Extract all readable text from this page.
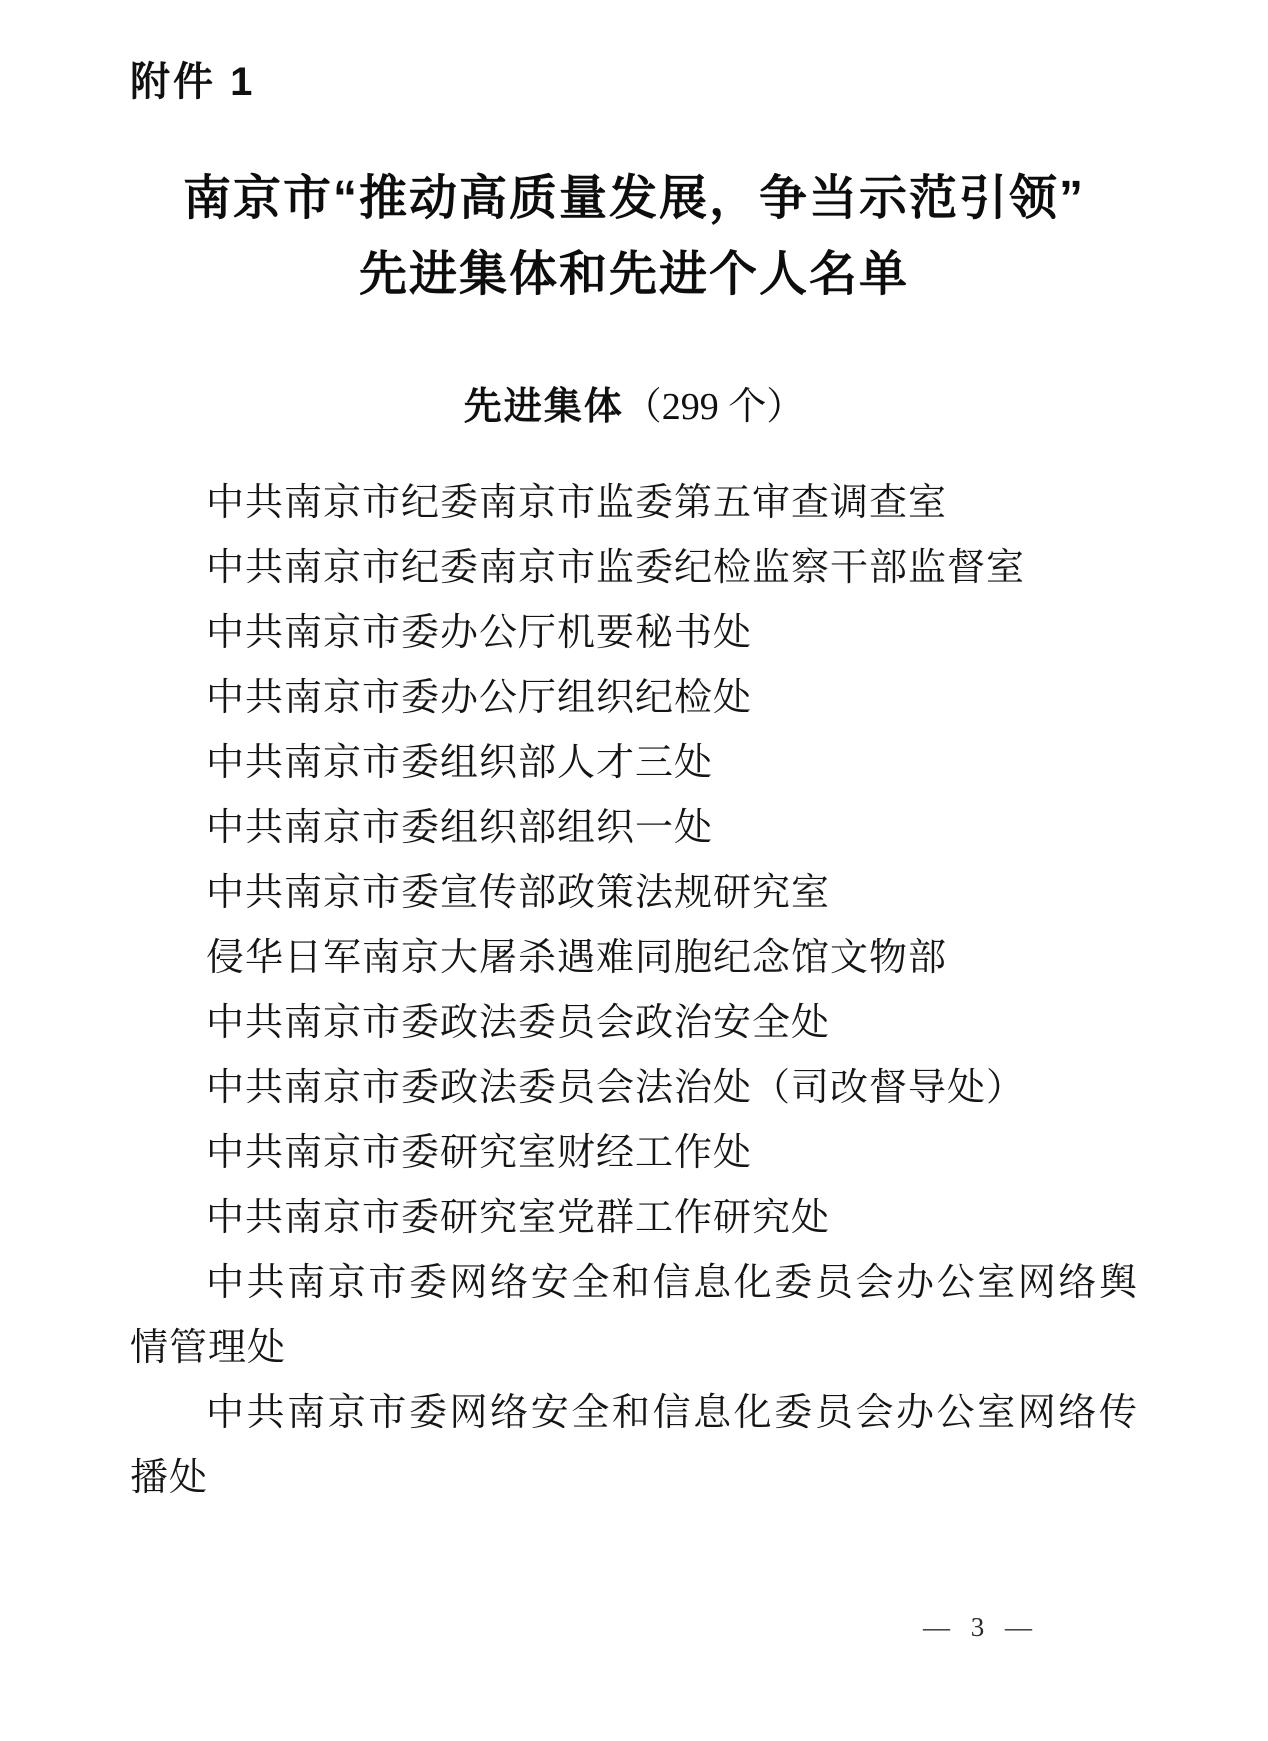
附件 1
南京市“推动高质量发展，争当示范引领”
先进集体和先进个人名单
先进集体（299 个）

中共南京市纪委南京市监委第五审查调查室

中共南京市纪委南京市监委纪检监察干部监督室

中共南京市委办公厅机要秘书处

中共南京市委办公厅组织纪检处

中共南京市委组织部人才三处

中共南京市委组织部组织一处

中共南京市委宣传部政策法规研究室

侵华日军南京大屠杀遇难同胞纪念馆文物部

中共南京市委政法委员会政治安全处

中共南京市委政法委员会法治处（司改督导处）

中共南京市委研究室财经工作处

中共南京市委研究室党群工作研究处

中共南京市委网络安全和信息化委员会办公室网络舆情管理处

中共南京市委网络安全和信息化委员会办公室网络传播处

— 3 —
